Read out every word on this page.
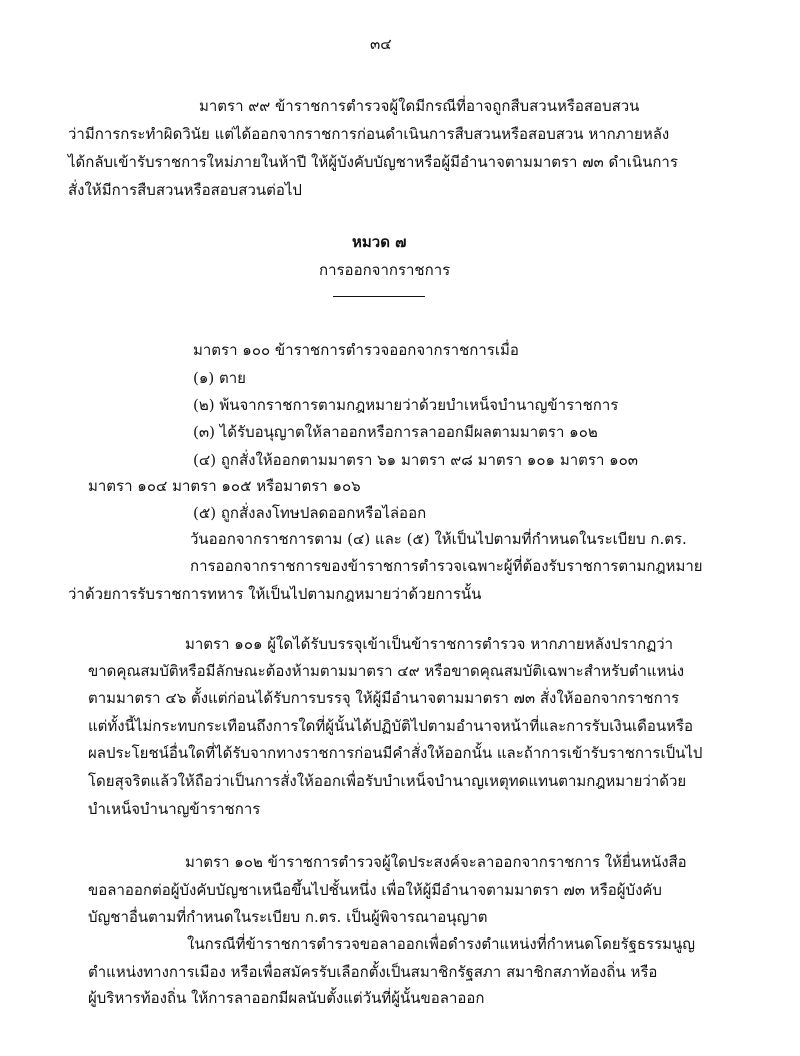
๓๔
มาตรา ๙๙ ข้าราชการตำรวจผู้ใดมีกรณีที่อาจถูกสืบสวนหรือสอบสวน
ว่ามีการกระทำผิดวินัย แต่ได้ออกจากราชการก่อนดำเนินการสืบสวนหรือสอบสวน หากภายหลัง
ได้กลับเข้ารับราชการใหม่ภายในห้าปี ให้ผู้บังคับบัญชาหรือผู้มีอำนาจตามมาตรา ๗๓ ดำเนินการ
สั่งให้มีการสืบสวนหรือสอบสวนต่อไป
หมวด ๗
การออกจากราชการ
มาตรา ๑๐๐ ข้าราชการตำรวจออกจากราชการเมื่อ
(๑) ตาย
(๒) พ้นจากราชการตามกฎหมายว่าด้วยบำเหน็จบำนาญข้าราชการ
(๓) ได้รับอนุญาตให้ลาออกหรือการลาออกมีผลตามมาตรา ๑๐๒
(๔) ถูกสั่งให้ออกตามมาตรา ๖๑ มาตรา ๙๘ มาตรา ๑๐๑ มาตรา ๑๐๓
มาตรา ๑๐๔ มาตรา ๑๐๕ หรือมาตรา ๑๐๖
(๕) ถูกสั่งลงโทษปลดออกหรือไล่ออก
วันออกจากราชการตาม (๔) และ (๕) ให้เป็นไปตามที่กำหนดในระเบียบ ก.ตร.
การออกจากราชการของข้าราชการตำรวจเฉพาะผู้ที่ต้องรับราชการตามกฎหมาย
ว่าด้วยการรับราชการทหาร ให้เป็นไปตามกฎหมายว่าด้วยการนั้น
มาตรา ๑๐๑ ผู้ใดได้รับบรรจุเข้าเป็นข้าราชการตำรวจ หากภายหลังปรากฏว่า
ขาดคุณสมบัติหรือมีลักษณะต้องห้ามตามมาตรา ๔๙ หรือขาดคุณสมบัติเฉพาะสำหรับตำแหน่ง
ตามมาตรา ๔๖ ตั้งแต่ก่อนได้รับการบรรจุ ให้ผู้มีอำนาจตามมาตรา ๗๓ สั่งให้ออกจากราชการ
แต่ทั้งนี้ไม่กระทบกระเทือนถึงการใดที่ผู้นั้นได้ปฏิบัติไปตามอำนาจหน้าที่และการรับเงินเดือนหรือ
ผลประโยชน์อื่นใดที่ได้รับจากทางราชการก่อนมีคำสั่งให้ออกนั้น และถ้าการเข้ารับราชการเป็นไป
โดยสุจริตแล้วให้ถือว่าเป็นการสั่งให้ออกเพื่อรับบำเหน็จบำนาญเหตุทดแทนตามกฎหมายว่าด้วย
บำเหน็จบำนาญข้าราชการ
มาตรา ๑๐๒ ข้าราชการตำรวจผู้ใดประสงค์จะลาออกจากราชการ ให้ยื่นหนังสือ
ขอลาออกต่อผู้บังคับบัญชาเหนือขึ้นไปชั้นหนึ่ง เพื่อให้ผู้มีอำนาจตามมาตรา ๗๓ หรือผู้บังคับ
บัญชาอื่นตามที่กำหนดในระเบียบ ก.ตร. เป็นผู้พิจารณาอนุญาต
ในกรณีที่ข้าราชการตำรวจขอลาออกเพื่อดำรงตำแหน่งที่กำหนดโดยรัฐธรรมนูญ
ตำแหน่งทางการเมือง หรือเพื่อสมัครรับเลือกตั้งเป็นสมาชิกรัฐสภา สมาชิกสภาท้องถิ่น หรือ
ผู้บริหารท้องถิ่น ให้การลาออกมีผลนับตั้งแต่วันที่ผู้นั้นขอลาออก
